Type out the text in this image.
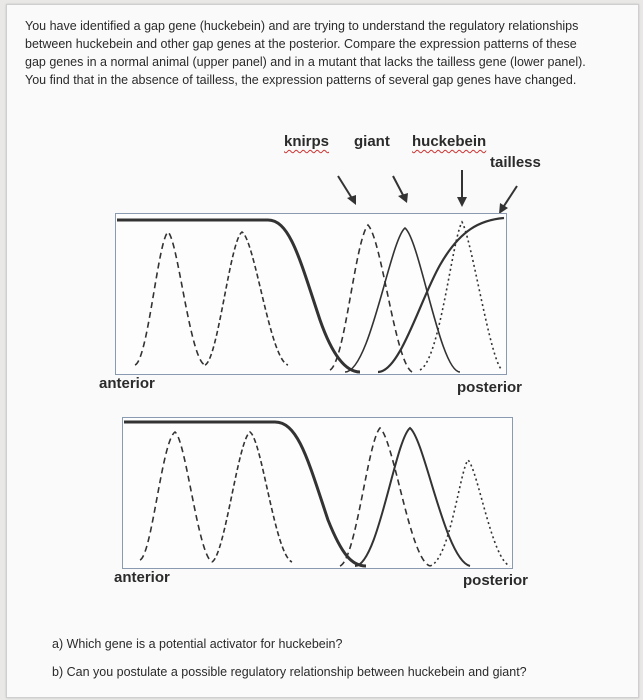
You have identified a gap gene (huckebein) and are trying to understand the regulatory relationships
between huckebein and other gap genes at the posterior. Compare the expression patterns of these
gap genes in a normal animal (upper panel) and in a mutant that lacks the tailless gene (lower panel).
You find that in the absence of tailless, the expression patterns of several gap genes have changed.

knirps giant huckebein
tailless
anterior	posterior
anterior	posterior
a) Which gene is a potential activator for huckebein?
b) Can you postulate a possible regulatory relationship between huckebein and giant?
